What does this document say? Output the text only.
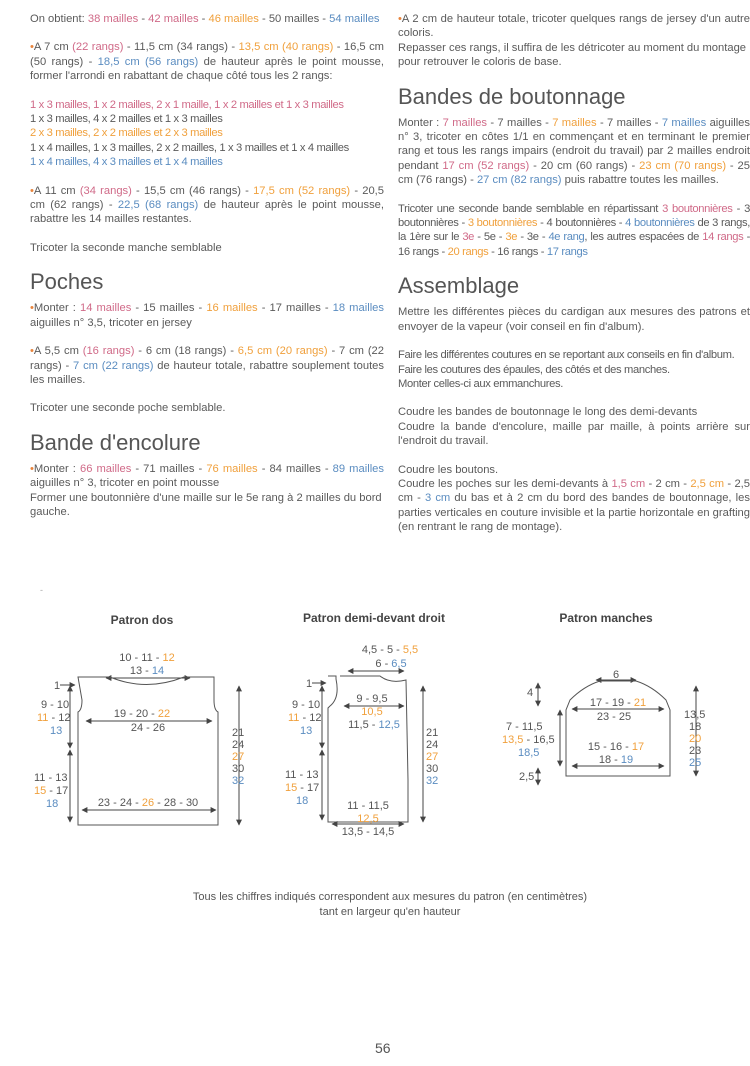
On obtient: 38 mailles - 42 mailles - 46 mailles - 50 mailles - 54 mailles

•A 7 cm (22 rangs) - 11,5 cm (34 rangs) - 13,5 cm (40 rangs) - 16,5 cm (50 rangs) - 18,5 cm (56 rangs) de hauteur après le point mousse, former l'arrondi en rabattant de chaque côté tous les 2 rangs:

1 x 3 mailles, 1 x 2 mailles, 2 x 1 maille, 1 x 2 mailles et 1 x 3 mailles
1 x 3 mailles, 4 x 2 mailles et 1 x 3 mailles
2 x 3 mailles, 2 x 2 mailles et 2 x 3 mailles
1 x 4 mailles, 1 x 3 mailles, 2 x 2 mailles, 1 x 3 mailles et 1 x 4 mailles
1 x 4 mailles, 4 x 3 mailles et 1 x 4 mailles

•A 11 cm (34 rangs) - 15,5 cm (46 rangs) - 17,5 cm (52 rangs) - 20,5 cm (62 rangs) - 22,5 (68 rangs) de hauteur après le point mousse, rabattre les 14 mailles restantes.

Tricoter la seconde manche semblable

Poches

•Monter : 14 mailles - 15 mailles - 16 mailles - 17 mailles - 18 mailles aiguilles n° 3,5, tricoter en jersey

•A 5,5 cm (16 rangs) - 6 cm (18 rangs) - 6,5 cm (20 rangs) - 7 cm (22 rangs) - 7 cm (22 rangs) de hauteur totale, rabattre souplement toutes les mailles.

Tricoter une seconde poche semblable.

Bande d'encolure

•Monter : 66 mailles - 71 mailles - 76 mailles - 84 mailles - 89 mailles aiguilles n° 3, tricoter en point mousse

Former une boutonnière d'une maille sur le 5e rang à 2 mailles du bord gauche.

•A 2 cm de hauteur totale, tricoter quelques rangs de jersey d'un autre coloris.

Repasser ces rangs, il suffira de les détricoter au moment du montage pour retrouver le coloris de base.

Bandes de boutonnage

Monter : 7 mailles - 7 mailles - 7 mailles - 7 mailles - 7 mailles aiguilles n° 3, tricoter en côtes 1/1 en commençant et en terminant le premier rang et tous les rangs impairs (endroit du travail) par 2 mailles endroit pendant 17 cm (52 rangs) - 20 cm (60 rangs) - 23 cm (70 rangs) - 25 cm (76 rangs) - 27 cm (82 rangs) puis rabattre toutes les mailles.

Tricoter une seconde bande semblable en répartissant 3 boutonnières - 3 boutonnières - 3 boutonnières - 4 boutonnières - 4 boutonnières de 3 rangs, la 1ère sur le 3e - 5e - 3e - 3e - 4e rang, les autres espacées de 14 rangs - 16 rangs - 20 rangs - 16 rangs - 17 rangs

Assemblage

Mettre les différentes pièces du cardigan aux mesures des patrons et envoyer de la vapeur (voir conseil en fin d'album).

Faire les différentes coutures en se reportant aux conseils en fin d'album.
Faire les coutures des épaules, des côtés et des manches.
Monter celles-ci aux emmanchures.

Coudre les bandes de boutonnage le long des demi-devants
Coudre la bande d'encolure, maille par maille, à points arrière sur l'endroit du travail.

Coudre les boutons.
Coudre les poches sur les demi-devants à 1,5 cm - 2 cm - 2,5 cm - 2,5 cm - 3 cm du bas et à 2 cm du bord des bandes de boutonnage, les parties verticales en couture invisible et la partie horizontale en grafting (en rentrant le rang de montage).

-
Patron dos
10 - 11 - 12
13 - 14
1
9 - 10
11 - 12
13
19 - 20 - 22
24 - 26
11 - 13
15 - 17
18	23 - 24 - 26 - 28 - 30
21
24
27
30
32
Patron demi-devant droit
4,5 - 5 - 5,5
6 - 6,5
1
9 - 10
11 - 12
13
9 - 9,5
10,5
11,5 - 12,5
11 - 13
15 - 17
18	11 - 11,5
12,5
13,5 - 14,5
21
24
27
30
32
Patron manches
6
4
17 - 19 - 21
23 - 25
7 - 11,5
13,5 - 16,5
18,5	15 - 16 - 17
18 - 19
2,5
13,5
18
20
23
25
Tous les chiffres indiqués correspondent aux mesures du patron (en centimètres)
tant en largeur qu'en hauteur
56
